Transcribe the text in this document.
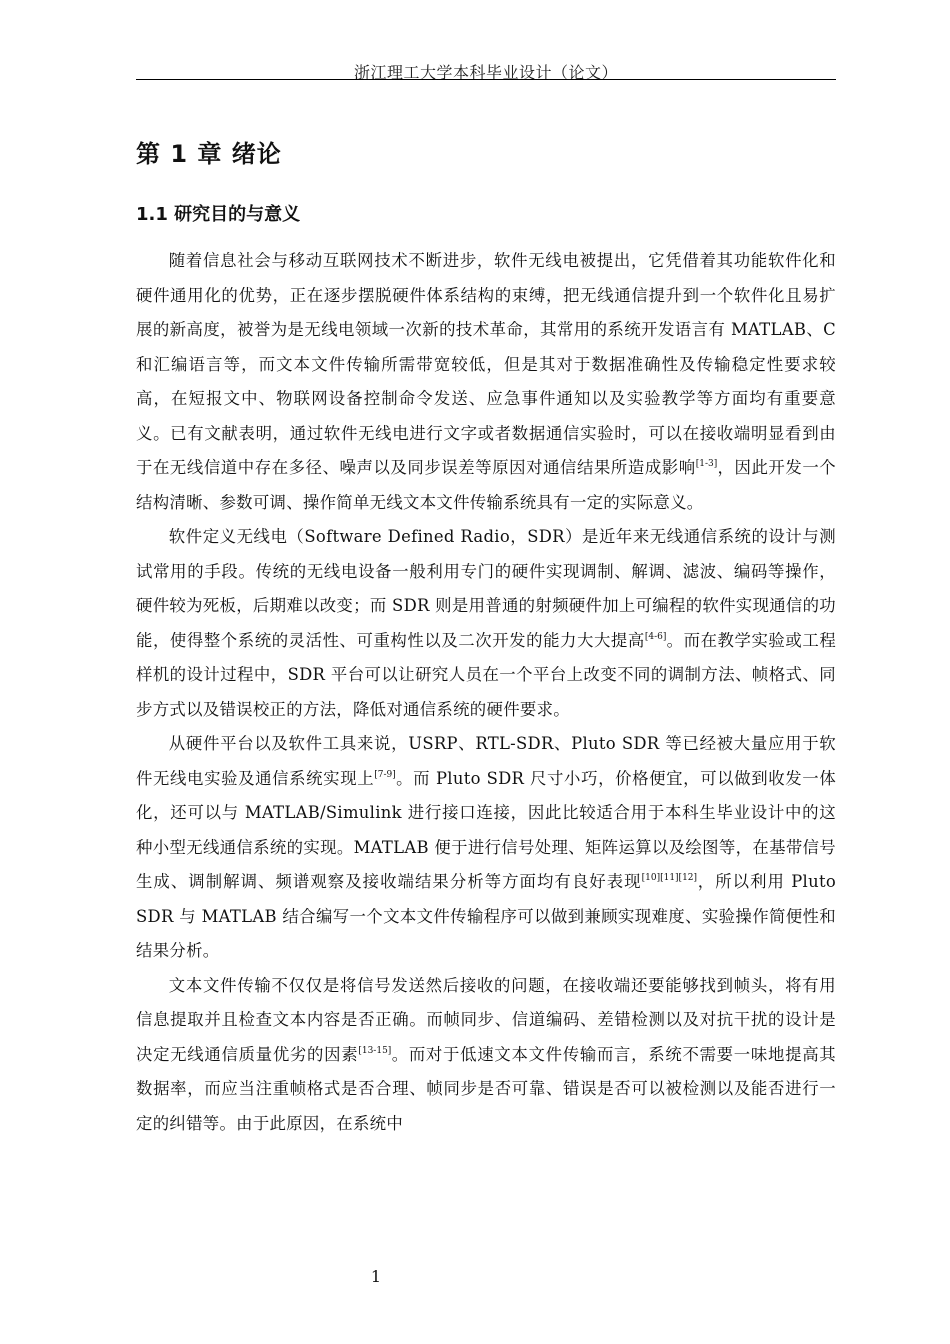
浙江理工大学本科毕业设计（论文）
第 1 章 绪论
1.1 研究目的与意义

随着信息社会与移动互联网技术不断进步，软件无线电被提出，它凭借着其功能软件化和硬件通用化的优势，正在逐步摆脱硬件体系结构的束缚，把无线通信提升到一个软件化且易扩展的新高度，被誉为是无线电领域一次新的技术革命，其常用的系统开发语言有 MATLAB、C 和汇编语言等，而文本文件传输所需带宽较低，但是其对于数据准确性及传输稳定性要求较高，在短报文中、物联网设备控制命令发送、应急事件通知以及实验教学等方面均有重要意义。已有文献表明，通过软件无线电进行文字或者数据通信实验时，可以在接收端明显看到由于在无线信道中存在多径、噪声以及同步误差等原因对通信结果所造成影响[1-3]，因此开发一个结构清晰、参数可调、操作简单无线文本文件传输系统具有一定的实际意义。

软件定义无线电（Software Defined Radio，SDR）是近年来无线通信系统的设计与测试常用的手段。传统的无线电设备一般利用专门的硬件实现调制、解调、滤波、编码等操作，硬件较为死板，后期难以改变；而 SDR 则是用普通的射频硬件加上可编程的软件实现通信的功能，使得整个系统的灵活性、可重构性以及二次开发的能力大大提高[4-6]。而在教学实验或工程样机的设计过程中，SDR 平台可以让研究人员在一个平台上改变不同的调制方法、帧格式、同步方式以及错误校正的方法，降低对通信系统的硬件要求。

从硬件平台以及软件工具来说，USRP、RTL-SDR、Pluto SDR 等已经被大量应用于软件无线电实验及通信系统实现上[7-9]。而 Pluto SDR 尺寸小巧，价格便宜，可以做到收发一体化，还可以与 MATLAB/Simulink 进行接口连接，因此比较适合用于本科生毕业设计中的这种小型无线通信系统的实现。MATLAB 便于进行信号处理、矩阵运算以及绘图等，在基带信号生成、调制解调、频谱观察及接收端结果分析等方面均有良好表现[10][11][12]，所以利用 Pluto SDR 与 MATLAB 结合编写一个文本文件传输程序可以做到兼顾实现难度、实验操作简便性和结果分析。

文本文件传输不仅仅是将信号发送然后接收的问题，在接收端还要能够找到帧头，将有用信息提取并且检查文本内容是否正确。而帧同步、信道编码、差错检测以及对抗干扰的设计是决定无线通信质量优劣的因素[13-15]。而对于低速文本文件传输而言，系统不需要一味地提高其数据率，而应当注重帧格式是否合理、帧同步是否可靠、错误是否可以被检测以及能否进行一定的纠错等。由于此原因，在系统中

1
